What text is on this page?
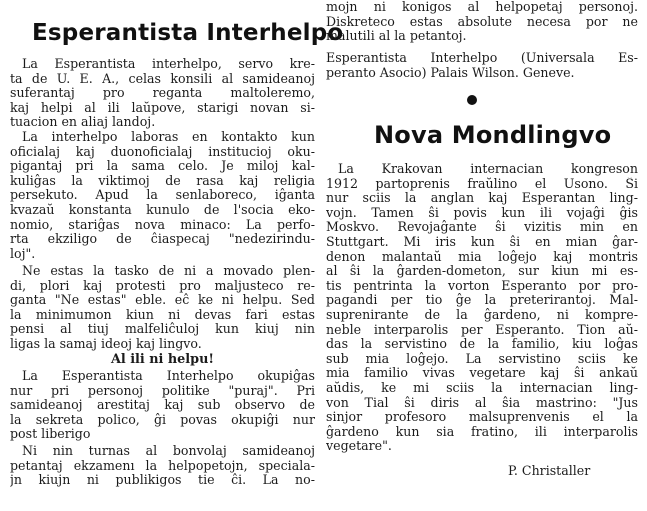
Esperantista Interhelpo
La Esperantista interhelpo, servo kre-
ta de U. E. A., celas konsili al samideanoj
suferantaj pro reganta maltoleremo,
kaj helpi al ili laŭpove, starigi novan si-
tuacion en aliaj landoj.
La interhelpo laboras en kontakto kun
oficialaj kaj duonoficialaj institucioj oku-
pigantaj pri la sama celo. Je miloj kal-
kuliĝas la viktimoj de rasa kaj religia
persekuto. Apud la senlaboreco, iĝanta
kvazaŭ konstanta kunulo de l'socia eko-
nomio, stariĝas nova minaco: La perfo-
rta ekziligo de ĉiaspecaj "nedezirindu-
loj".
Ne estas la tasko de ni a movado plen-
di, plori kaj protesti pro maljusteco re-
ganta "Ne estas" eble. eĉ ke ni helpu. Sed
la minimumon kiun ni devas fari estas
pensi al tiuj malfeliĉuloj kun kiuj nin
ligas la samaj ideoj kaj lingvo.
Al ili ni helpu!
La Esperantista Interhelpo okupiĝas
nur pri personoj politike "puraj". Pri
samideanoj arestitaj kaj sub observo de
la sekreta polico, ĝi povas okupiĝi nur
post liberigo
Ni nin turnas al bonvolaj samideanoj
petantaj ekzamenı la helpopetojn, speciala-
jn kiujn ni publikigos tie ĉi. La no-
mojn ni konigos al helpopetaj personoj.
Diskreteco estas absolute necesa por ne
malutili al la petantoj.
Esperantista Interhelpo (Universala Es-
peranto Asocio) Palais Wilson. Geneve.
Nova Mondlingvo
La Krakovan internacian kongreson
1912 partoprenis fraŭlino el Usono. Ŝi
nur sciis la anglan kaj Esperantan ling-
vojn. Tamen ŝi povis kun ili vojaĝi ĝis
Moskvo. Revojaĝante ŝi vizitis min en
Stuttgart. Mi iris kun ŝi en mian ĝar-
denon malantaŭ mia loĝejo kaj montris
al ŝi la ĝarden-dometon, sur kiun mi es-
tis pentrinta la vorton Esperanto por pro-
pagandi per tio ĝe la preterirantoj. Mal-
suprenirante de la ĝardeno, ni kompre-
neble interparolis per Esperanto. Tion aŭ-
das la servistino de la familio, kiu loĝas
sub mia loĝejo. La servistino sciis ke
mia familio vivas vegetare kaj ŝi ankaŭ
aŭdis, ke mi sciis la internacian ling-
von Tial ŝi diris al ŝia mastrino: "Jus
sinjor profesoro malsuprenvenis el la
ĝardeno kun sia fratino, ili interparolis
vegetare".
P. Christaller
